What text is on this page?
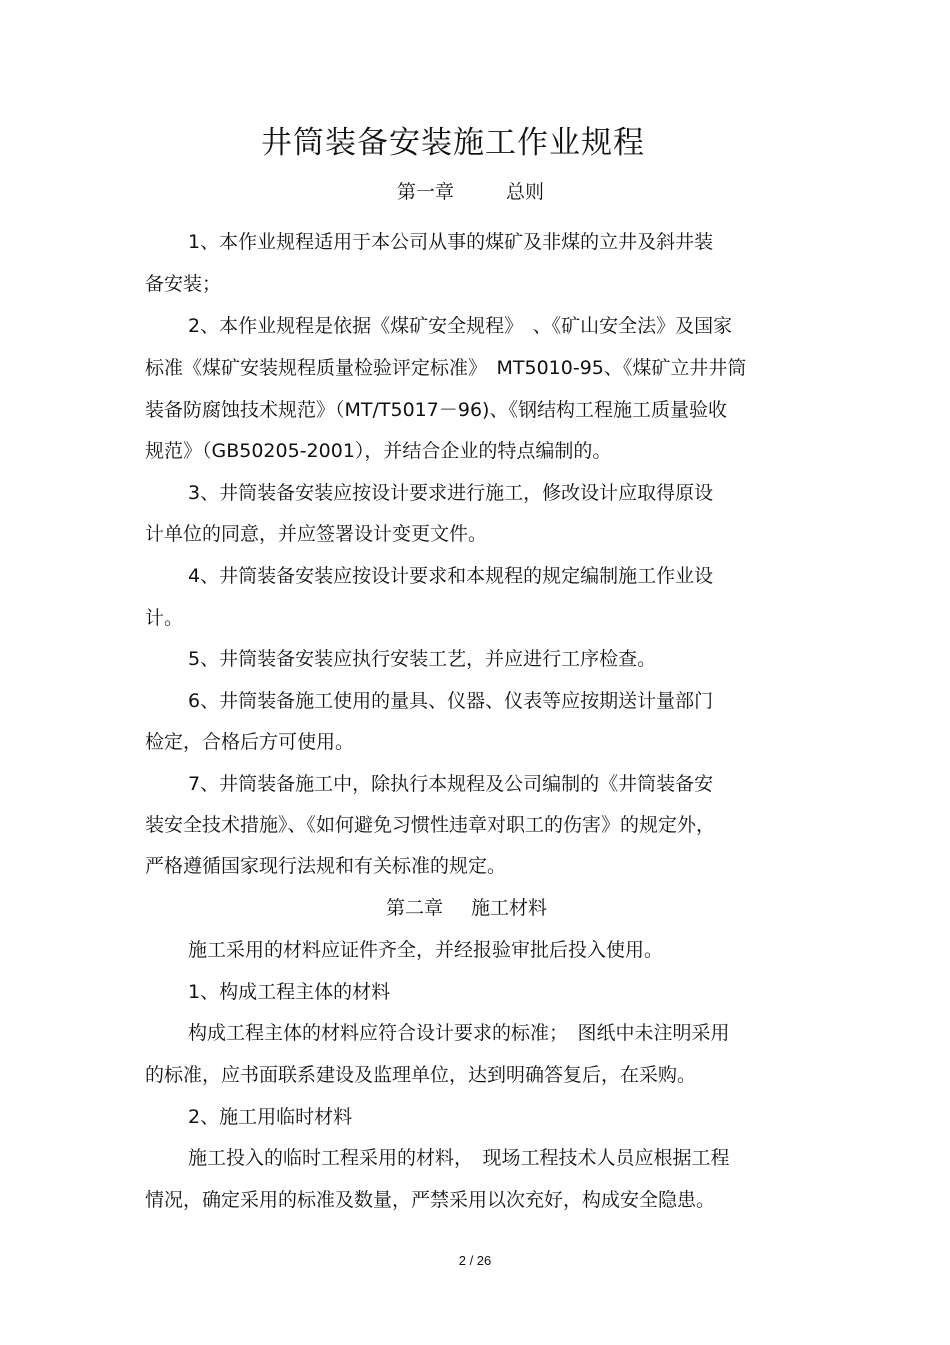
井筒装备安装施工作业规程

第一章	总则

1、本作业规程适用于本公司从事的煤矿及非煤的立井及斜井装

备安装；

2、本作业规程是依据《煤矿安全规程》　、《矿山安全法》及国家

标准《煤矿安装规程质量检验评定标准》　MT5010-95、《煤矿立井井筒

装备防腐蚀技术规范》（MT/T5017－96)、《钢结构工程施工质量验收

规范》（GB50205-2001），并结合企业的特点编制的。

3、井筒装备安装应按设计要求进行施工，修改设计应取得原设

计单位的同意，并应签署设计变更文件。

4、井筒装备安装应按设计要求和本规程的规定编制施工作业设

计。

5、井筒装备安装应执行安装工艺，并应进行工序检查。

6、井筒装备施工使用的量具、仪器、仪表等应按期送计量部门

检定，合格后方可使用。

7、井筒装备施工中，除执行本规程及公司编制的《井筒装备安

装安全技术措施》、《如何避免习惯性违章对职工的伤害》的规定外，

严格遵循国家现行法规和有关标准的规定。

第二章 施工材料

施工采用的材料应证件齐全，并经报验审批后投入使用。

1、构成工程主体的材料

构成工程主体的材料应符合设计要求的标准；　图纸中未注明采用

的标准，应书面联系建设及监理单位，达到明确答复后，在采购。

2、施工用临时材料

施工投入的临时工程采用的材料，　现场工程技术人员应根据工程

情况，确定采用的标准及数量，严禁采用以次充好，构成安全隐患。

2 / 26
